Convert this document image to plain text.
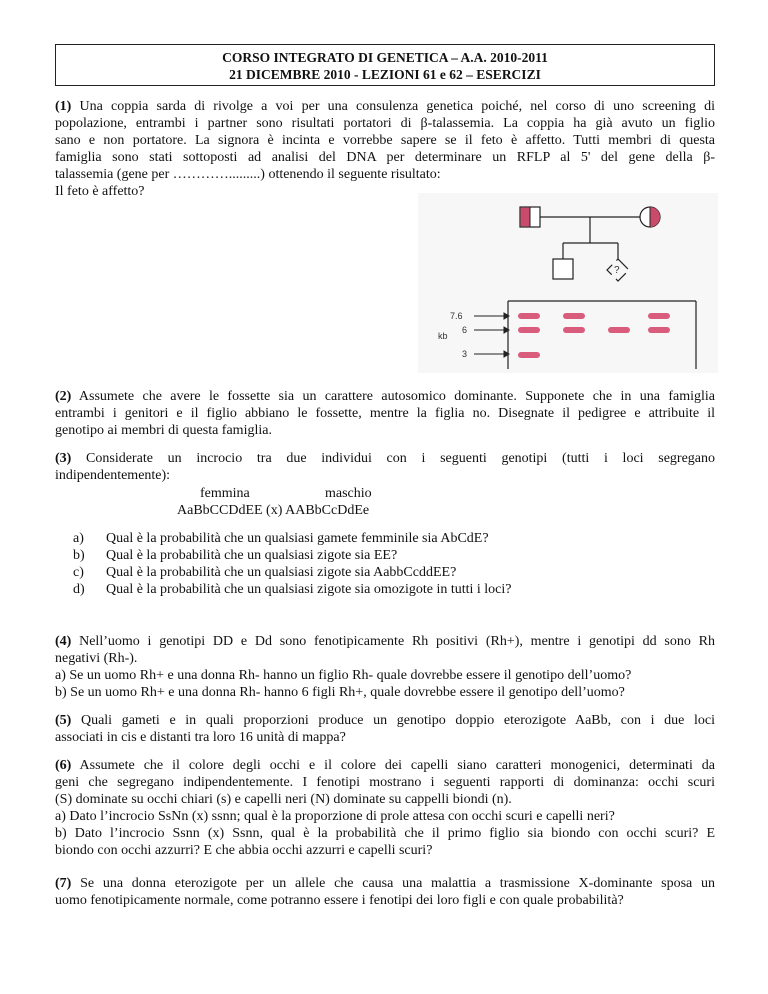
CORSO INTEGRATO DI GENETICA – A.A. 2010-2011
21 DICEMBRE 2010 - LEZIONI 61 e 62 – ESERCIZI
(1) Una coppia sarda di rivolge a voi per una consulenza genetica poiché, nel corso di uno screening di
popolazione, entrambi i partner sono risultati portatori di β-talassemia. La coppia ha già avuto un figlio
sano e non portatore. La signora è incinta e vorrebbe sapere se il feto è affetto. Tutti membri di questa
famiglia sono stati sottoposti ad analisi del DNA per determinare un RFLP al 5' del gene della β-
talassemia (gene per ………….........) ottenendo il seguente risultato:
Il feto è affetto?
?
7.6
6
kb
3
(2) Assumete che avere le fossette sia un carattere autosomico dominante. Supponete che in una famiglia
entrambi i genitori e il figlio abbiano le fossette, mentre la figlia no. Disegnate il pedigree e attribuite il
genotipo ai membri di questa famiglia.
(3) Considerate un incrocio tra due individui con i seguenti genotipi (tutti i loci segregano
indipendentemente):
femmina	maschio
AaBbCCDdEE (x) AABbCcDdEe
a)	Qual è la probabilità che un qualsiasi gamete femminile sia AbCdE?
b)	Qual è la probabilità che un qualsiasi zigote sia EE?
c)	Qual è la probabilità che un qualsiasi zigote sia AabbCcddEE?
d)	Qual è la probabilità che un qualsiasi zigote sia omozigote in tutti i loci?
(4) Nell’uomo i genotipi DD e Dd sono fenotipicamente Rh positivi (Rh+), mentre i genotipi dd sono Rh
negativi (Rh-).
a) Se un uomo Rh+ e una donna Rh- hanno un figlio Rh- quale dovrebbe essere il genotipo dell’uomo?
b) Se un uomo Rh+ e una donna Rh- hanno 6 figli Rh+, quale dovrebbe essere il genotipo dell’uomo?
(5) Quali gameti e in quali proporzioni produce un genotipo doppio eterozigote AaBb, con i due loci
associati in cis e distanti tra loro 16 unità di mappa?
(6) Assumete che il colore degli occhi e il colore dei capelli siano caratteri monogenici, determinati da
geni che segregano indipendentemente. I fenotipi mostrano i seguenti rapporti di dominanza: occhi scuri
(S) dominate su occhi chiari (s) e capelli neri (N) dominate su cappelli biondi (n).
a) Dato l’incrocio SsNn (x) ssnn; qual è la proporzione di prole attesa con occhi scuri e capelli neri?
b) Dato l’incrocio Ssnn (x) Ssnn, qual è la probabilità che il primo figlio sia biondo con occhi scuri? E
biondo con occhi azzurri? E che abbia occhi azzurri e capelli scuri?
(7) Se una donna eterozigote per un allele che causa una malattia a trasmissione X-dominante sposa un
uomo fenotipicamente normale, come potranno essere i fenotipi dei loro figli e con quale probabilità?
